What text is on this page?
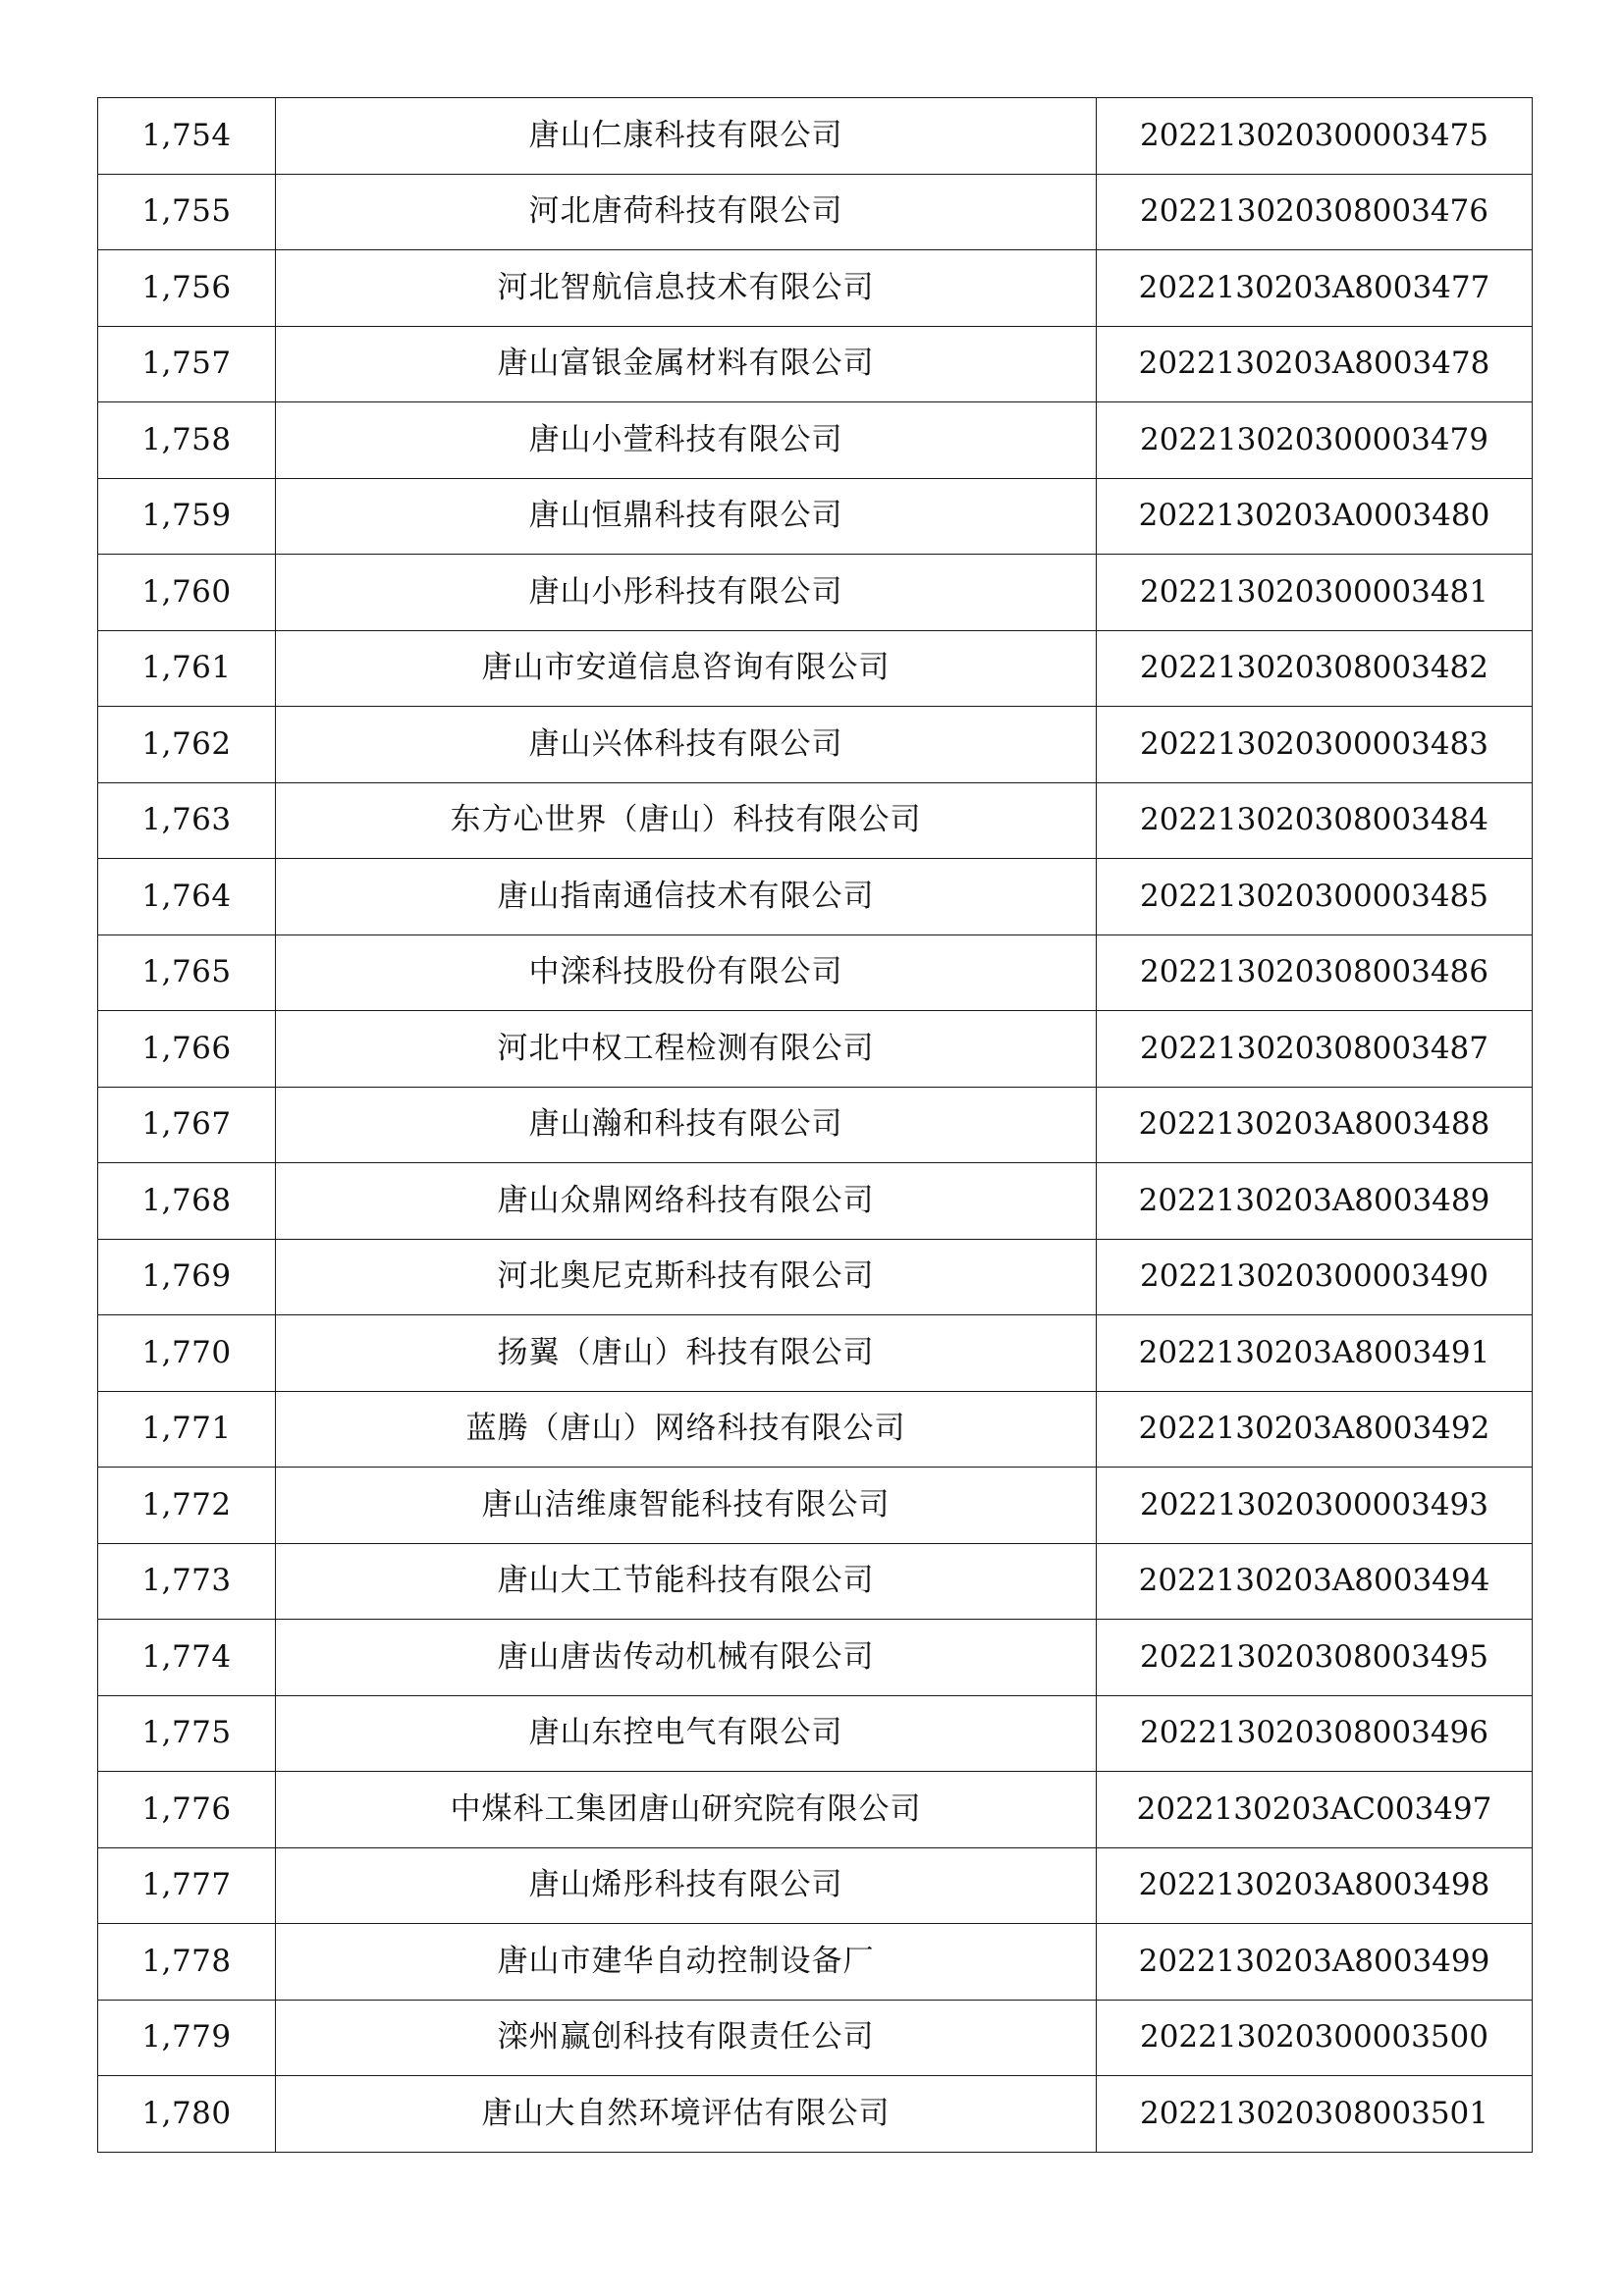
1,754	唐山仁康科技有限公司	202213020300003475
1,755	河北唐荷科技有限公司	202213020308003476
1,756	河北智航信息技术有限公司	2022130203A8003477
1,757	唐山富银金属材料有限公司	2022130203A8003478
1,758	唐山小萱科技有限公司	202213020300003479
1,759	唐山恒鼎科技有限公司	2022130203A0003480
1,760	唐山小彤科技有限公司	202213020300003481
1,761	唐山市安道信息咨询有限公司	202213020308003482
1,762	唐山兴体科技有限公司	202213020300003483
1,763	东方心世界（唐山）科技有限公司	202213020308003484
1,764	唐山指南通信技术有限公司	202213020300003485
1,765	中滦科技股份有限公司	202213020308003486
1,766	河北中权工程检测有限公司	202213020308003487
1,767	唐山瀚和科技有限公司	2022130203A8003488
1,768	唐山众鼎网络科技有限公司	2022130203A8003489
1,769	河北奥尼克斯科技有限公司	202213020300003490
1,770	扬翼（唐山）科技有限公司	2022130203A8003491
1,771	蓝腾（唐山）网络科技有限公司	2022130203A8003492
1,772	唐山洁维康智能科技有限公司	202213020300003493
1,773	唐山大工节能科技有限公司	2022130203A8003494
1,774	唐山唐齿传动机械有限公司	202213020308003495
1,775	唐山东控电气有限公司	202213020308003496
1,776	中煤科工集团唐山研究院有限公司	2022130203AC003497
1,777	唐山烯彤科技有限公司	2022130203A8003498
1,778	唐山市建华自动控制设备厂	2022130203A8003499
1,779	滦州赢创科技有限责任公司	202213020300003500
1,780	唐山大自然环境评估有限公司	202213020308003501
